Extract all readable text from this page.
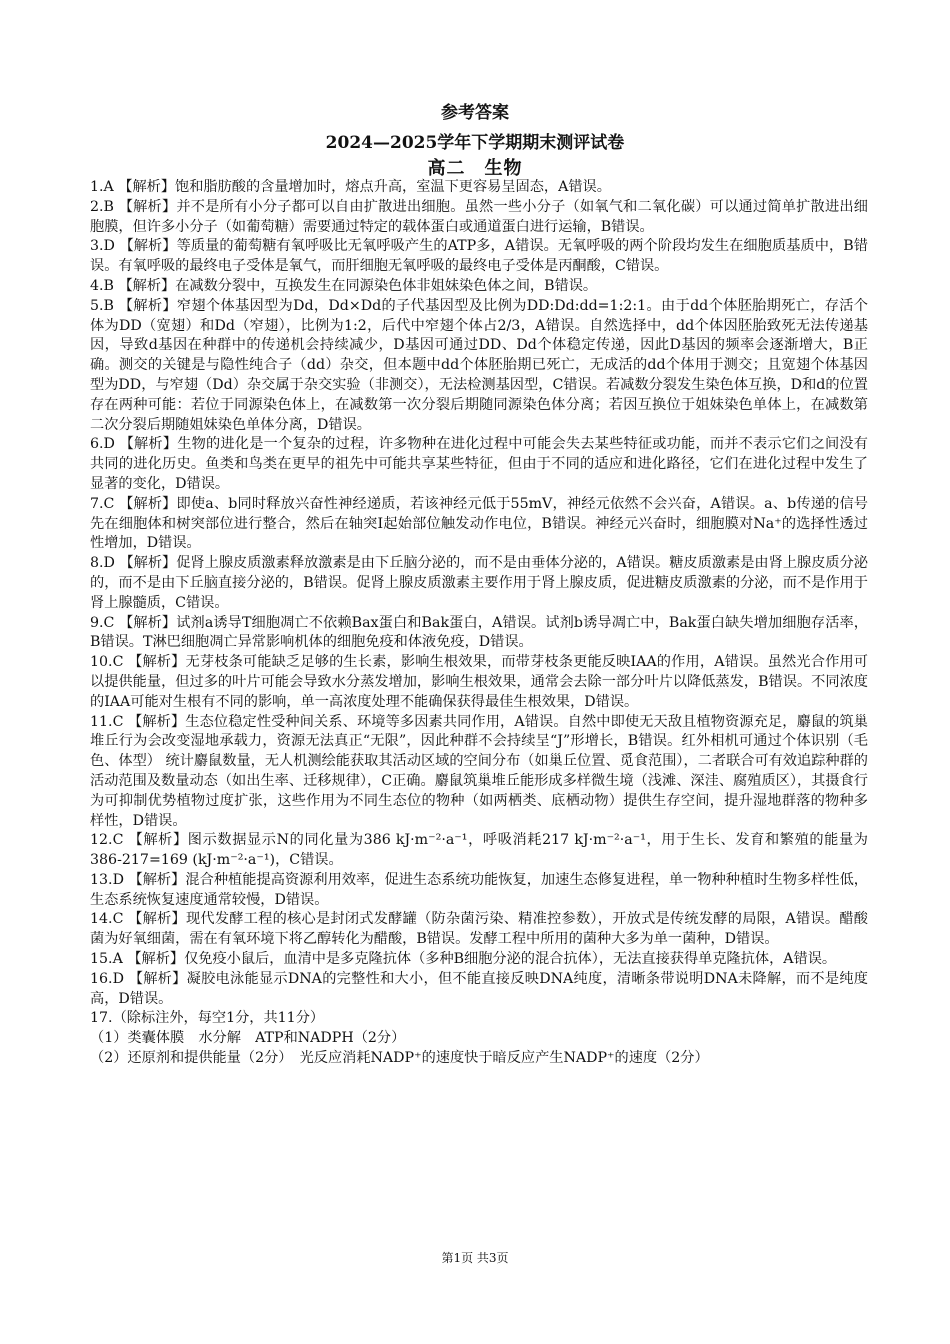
参考答案
2024—2025学年下学期期末测评试卷
高二　生物

1.A 【解析】饱和脂肪酸的含量增加时，熔点升高，室温下更容易呈固态，A错误。

2.B 【解析】并不是所有小分子都可以自由扩散进出细胞。虽然一些小分子（如氧气和二氧化碳）可以通过简单扩散进出细胞膜，但许多小分子（如葡萄糖）需要通过特定的载体蛋白或通道蛋白进行运输，B错误。

3.D 【解析】等质量的葡萄糖有氧呼吸比无氧呼吸产生的ATP多，A错误。无氧呼吸的两个阶段均发生在细胞质基质中，B错误。有氧呼吸的最终电子受体是氧气，而肝细胞无氧呼吸的最终电子受体是丙酮酸，C错误。

4.B 【解析】在减数分裂中，互换发生在同源染色体非姐妹染色体之间，B错误。

5.B 【解析】窄翅个体基因型为Dd，Dd×Dd的子代基因型及比例为DD:Dd:dd=1:2:1。由于dd个体胚胎期死亡，存活个体为DD（宽翅）和Dd（窄翅），比例为1:2，后代中窄翅个体占2/3，A错误。自然选择中，dd个体因胚胎致死无法传递基因，导致d基因在种群中的传递机会持续减少，D基因可通过DD、Dd个体稳定传递，因此D基因的频率会逐渐增大，B正确。测交的关键是与隐性纯合子（dd）杂交，但本题中dd个体胚胎期已死亡，无成活的dd个体用于测交；且宽翅个体基因型为DD，与窄翅（Dd）杂交属于杂交实验（非测交），无法检测基因型，C错误。若减数分裂发生染色体互换，D和d的位置存在两种可能：若位于同源染色体上，在减数第一次分裂后期随同源染色体分离；若因互换位于姐妹染色单体上，在减数第二次分裂后期随姐妹染色单体分离，D错误。

6.D 【解析】生物的进化是一个复杂的过程，许多物种在进化过程中可能会失去某些特征或功能，而并不表示它们之间没有共同的进化历史。鱼类和鸟类在更早的祖先中可能共享某些特征，但由于不同的适应和进化路径，它们在进化过程中发生了显著的变化，D错误。

7.C 【解析】即使a、b同时释放兴奋性神经递质，若该神经元低于55mV，神经元依然不会兴奋，A错误。a、b传递的信号先在细胞体和树突部位进行整合，然后在轴突I起始部位触发动作电位，B错误。神经元兴奋时，细胞膜对Na⁺的选择性透过性增加，D错误。

8.D 【解析】促肾上腺皮质激素释放激素是由下丘脑分泌的，而不是由垂体分泌的，A错误。糖皮质激素是由肾上腺皮质分泌的，而不是由下丘脑直接分泌的，B错误。促肾上腺皮质激素主要作用于肾上腺皮质，促进糖皮质激素的分泌，而不是作用于肾上腺髓质，C错误。

9.C 【解析】试剂a诱导T细胞凋亡不依赖Bax蛋白和Bak蛋白，A错误。试剂b诱导凋亡中，Bak蛋白缺失增加细胞存活率，B错误。T淋巴细胞凋亡异常影响机体的细胞免疫和体液免疫，D错误。

10.C 【解析】无芽枝条可能缺乏足够的生长素，影响生根效果，而带芽枝条更能反映IAA的作用，A错误。虽然光合作用可以提供能量，但过多的叶片可能会导致水分蒸发增加，影响生根效果，通常会去除一部分叶片以降低蒸发，B错误。不同浓度的IAA可能对生根有不同的影响，单一高浓度处理不能确保获得最佳生根效果，D错误。

11.C 【解析】生态位稳定性受种间关系、环境等多因素共同作用，A错误。自然中即使无天敌且植物资源充足，麝鼠的筑巢堆丘行为会改变湿地承载力，资源无法真正“无限”，因此种群不会持续呈“J”形增长，B错误。红外相机可通过个体识别（毛色、体型） 统计麝鼠数量，无人机测绘能获取其活动区域的空间分布（如巢丘位置、觅食范围），二者联合可有效追踪种群的活动范围及数量动态（如出生率、迁移规律），C正确。麝鼠筑巢堆丘能形成多样微生境（浅滩、深洼、腐殖质区），其摄食行为可抑制优势植物过度扩张，这些作用为不同生态位的物种（如两栖类、底栖动物）提供生存空间，提升湿地群落的物种多样性，D错误。

12.C 【解析】图示数据显示N的同化量为386 kJ·m⁻²·a⁻¹，呼吸消耗217 kJ·m⁻²·a⁻¹，用于生长、发育和繁殖的能量为386-217=169 (kJ·m⁻²·a⁻¹)，C错误。

13.D 【解析】混合种植能提高资源利用效率，促进生态系统功能恢复，加速生态修复进程，单一物种种植时生物多样性低，生态系统恢复速度通常较慢，D错误。

14.C 【解析】现代发酵工程的核心是封闭式发酵罐（防杂菌污染、精准控参数），开放式是传统发酵的局限，A错误。醋酸菌为好氧细菌，需在有氧环境下将乙醇转化为醋酸，B错误。发酵工程中所用的菌种大多为单一菌种，D错误。

15.A 【解析】仅免疫小鼠后，血清中是多克隆抗体（多种B细胞分泌的混合抗体），无法直接获得单克隆抗体，A错误。

16.D 【解析】凝胶电泳能显示DNA的完整性和大小，但不能直接反映DNA纯度，清晰条带说明DNA未降解，而不是纯度高，D错误。

17.（除标注外，每空1分，共11分）

（1）类囊体膜　水分解　ATP和NADPH（2分）

（2）还原剂和提供能量（2分）　光反应消耗NADP⁺的速度快于暗反应产生NADP⁺的速度（2分）

第1页 共3页
